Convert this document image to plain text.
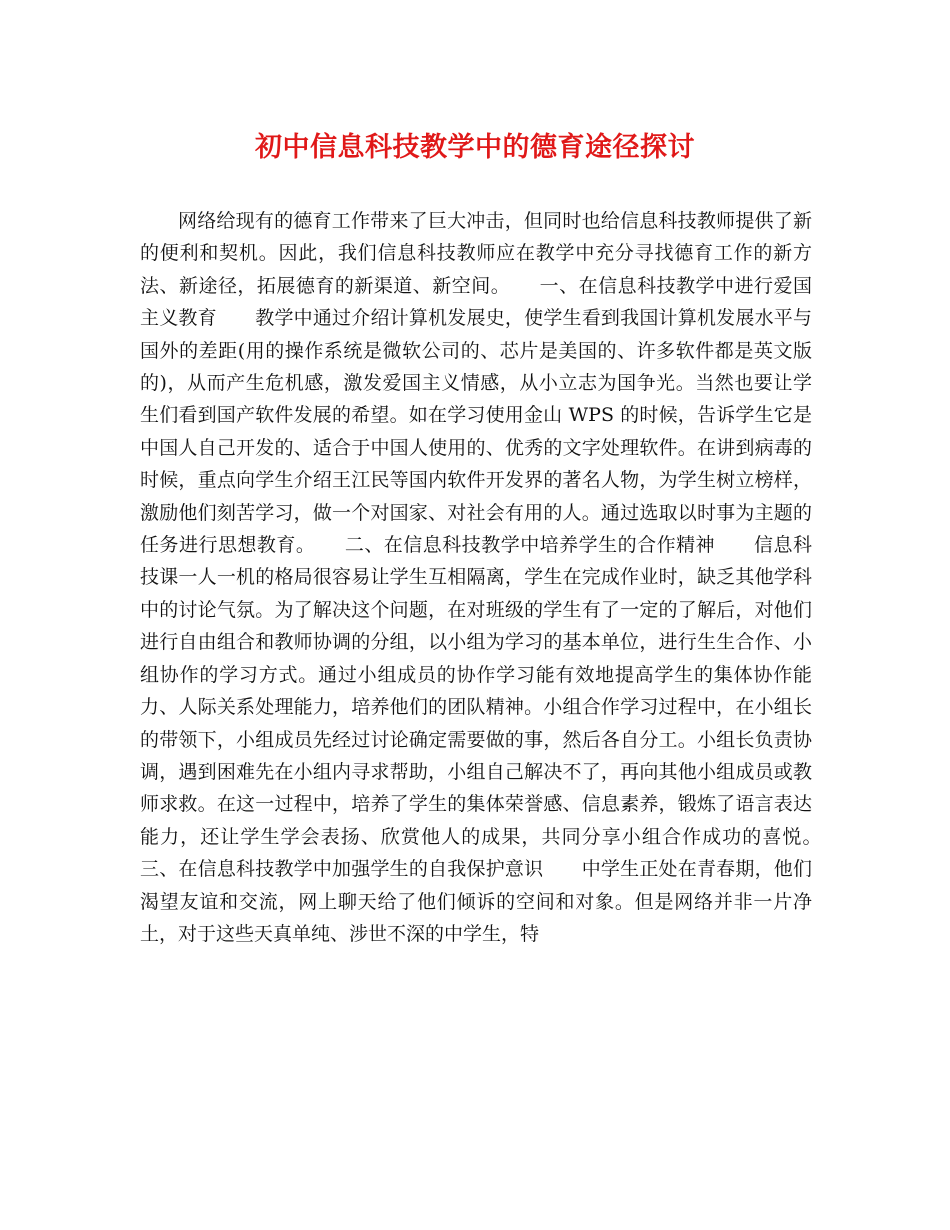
初中信息科技教学中的德育途径探讨

网络给现有的德育工作带来了巨大冲击，但同时也给信息科技教师提供了新的便利和契机。因此，我们信息科技教师应在教学中充分寻找德育工作的新方法、新途径，拓展德育的新渠道、新空间。　　一、在信息科技教学中进行爱国主义教育　　教学中通过介绍计算机发展史，使学生看到我国计算机发展水平与国外的差距(用的操作系统是微软公司的、芯片是美国的、许多软件都是英文版的)，从而产生危机感，激发爱国主义情感，从小立志为国争光。当然也要让学生们看到国产软件发展的希望。如在学习使用金山 WPS 的时候，告诉学生它是中国人自己开发的、适合于中国人使用的、优秀的文字处理软件。在讲到病毒的时候，重点向学生介绍王江民等国内软件开发界的著名人物，为学生树立榜样，激励他们刻苦学习，做一个对国家、对社会有用的人。通过选取以时事为主题的任务进行思想教育。　　二、在信息科技教学中培养学生的合作精神　　信息科技课一人一机的格局很容易让学生互相隔离，学生在完成作业时，缺乏其他学科中的讨论气氛。为了解决这个问题，在对班级的学生有了一定的了解后，对他们进行自由组合和教师协调的分组，以小组为学习的基本单位，进行生生合作、小组协作的学习方式。通过小组成员的协作学习能有效地提高学生的集体协作能力、人际关系处理能力，培养他们的团队精神。小组合作学习过程中，在小组长的带领下，小组成员先经过讨论确定需要做的事，然后各自分工。小组长负责协调，遇到困难先在小组内寻求帮助，小组自己解决不了，再向其他小组成员或教师求救。在这一过程中，培养了学生的集体荣誉感、信息素养，锻炼了语言表达能力，还让学生学会表扬、欣赏他人的成果，共同分享小组合作成功的喜悦。　　三、在信息科技教学中加强学生的自我保护意识　　中学生正处在青春期，他们渴望友谊和交流，网上聊天给了他们倾诉的空间和对象。但是网络并非一片净土，对于这些天真单纯、涉世不深的中学生，特
